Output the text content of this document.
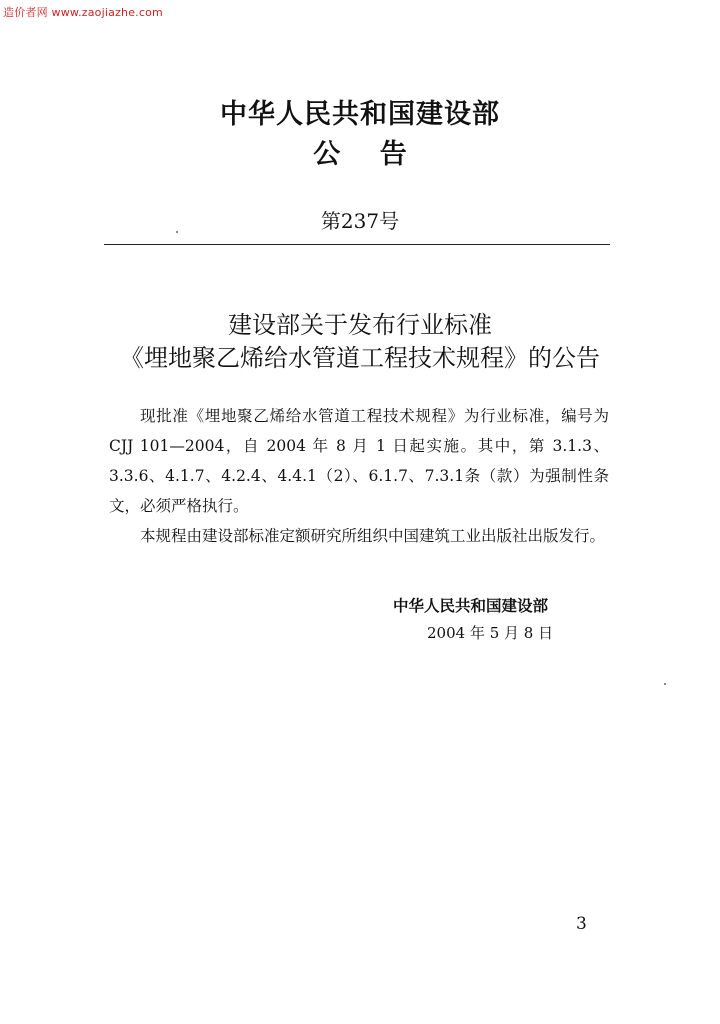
造价者网 www.zaojiazhe.com
中华人民共和国建设部
公 告
第237号
建设部关于发布行业标准
《埋地聚乙烯给水管道工程技术规程》的公告

现批准《埋地聚乙烯给水管道工程技术规程》为行业标准，编号为 CJJ 101—2004，自 2004 年 8 月 1 日起实施。其中，第 3.1.3、3.3.6、4.1.7、4.2.4、4.4.1（2）、6.1.7、7.3.1条（款）为强制性条文，必须严格执行。

本规程由建设部标准定额研究所组织中国建筑工业出版社出版发行。

中华人民共和国建设部
2004 年 5 月 8 日
3
